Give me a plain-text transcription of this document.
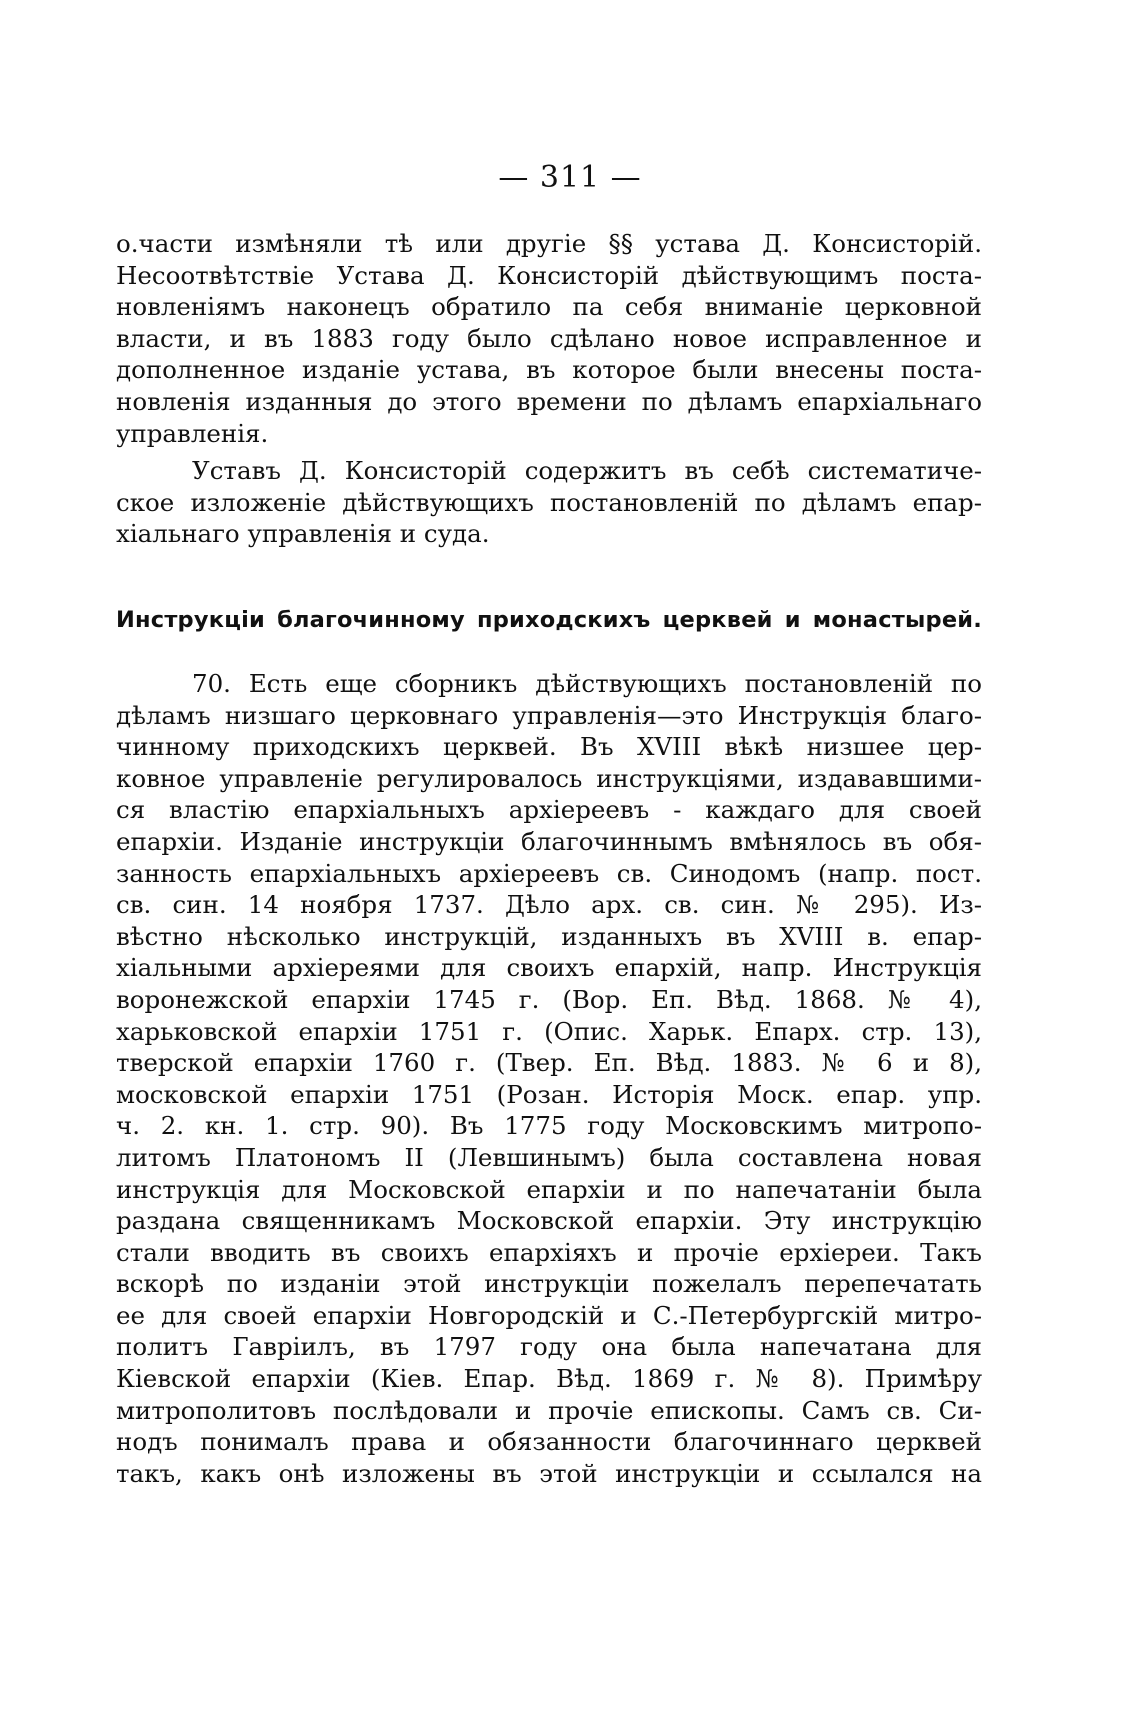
— 311 —
о.части измѣняли тѣ или другіе §§ устава Д. Консисторій.
Несоотвѣтствіе Устава Д. Консисторій дѣйствующимъ поста-
новленіямъ наконецъ обратило па себя вниманіе церковной
власти, и въ 1883 году было сдѣлано новое исправленное и
дополненное изданіе устава, въ которое были внесены поста-
новленія изданныя до этого времени по дѣламъ епархіальнаго
управленія.
Уставъ Д. Консисторій содержитъ въ себѣ систематиче-
ское изложеніе дѣйствующихъ постановленій по дѣламъ епар-
хіальнаго управленія и суда.
Инструкціи благочинному приходскихъ церквей и монастырей.
70. Есть еще сборникъ дѣйствующихъ постановленій по
дѣламъ низшаго церковнаго управленія—это Инструкція благо-
чинному приходскихъ церквей. Въ XVIII вѣкѣ низшее цер-
ковное управленіе регулировалось инструкціями, издававшими-
ся властію епархіальныхъ архіереевъ - каждаго для своей
епархіи. Изданіе инструкціи благочиннымъ вмѣнялось въ обя-
занность епархіальныхъ архіереевъ св. Синодомъ (напр. пост.
св. син. 14 ноября 1737. Дѣло арх. св. син. № 295). Из-
вѣстно нѣсколько инструкцій, изданныхъ въ XVIII в. епар-
хіальными архіереями для своихъ епархій, напр. Инструкція
воронежской епархіи 1745 г. (Вор. Еп. Вѣд. 1868. № 4),
харьковской епархіи 1751 г. (Опис. Харьк. Епарх. стр. 13),
тверской епархіи 1760 г. (Твер. Еп. Вѣд. 1883. № 6 и 8),
московской епархіи 1751 (Розан. Исторія Моск. епар. упр.
ч. 2. кн. 1. стр. 90). Въ 1775 году Московскимъ митропо-
литомъ Платономъ II (Левшинымъ) была составлена новая
инструкція для Московской епархіи и по напечатаніи была
раздана священникамъ Московской епархіи. Эту инструкцію
стали вводить въ своихъ епархіяхъ и прочіе ерхіереи. Такъ
вскорѣ по изданіи этой инструкціи пожелалъ перепечатать
ее для своей епархіи Новгородскій и С.-Петербургскій митро-
политъ Гавріилъ, въ 1797 году она была напечатана для
Кіевской епархіи (Кіев. Епар. Вѣд. 1869 г. № 8). Примѣру
митрополитовъ послѣдовали и прочіе епископы. Самъ св. Си-
нодъ понималъ права и обязанности благочиннаго церквей
такъ, какъ онѣ изложены въ этой инструкціи и ссылался на
